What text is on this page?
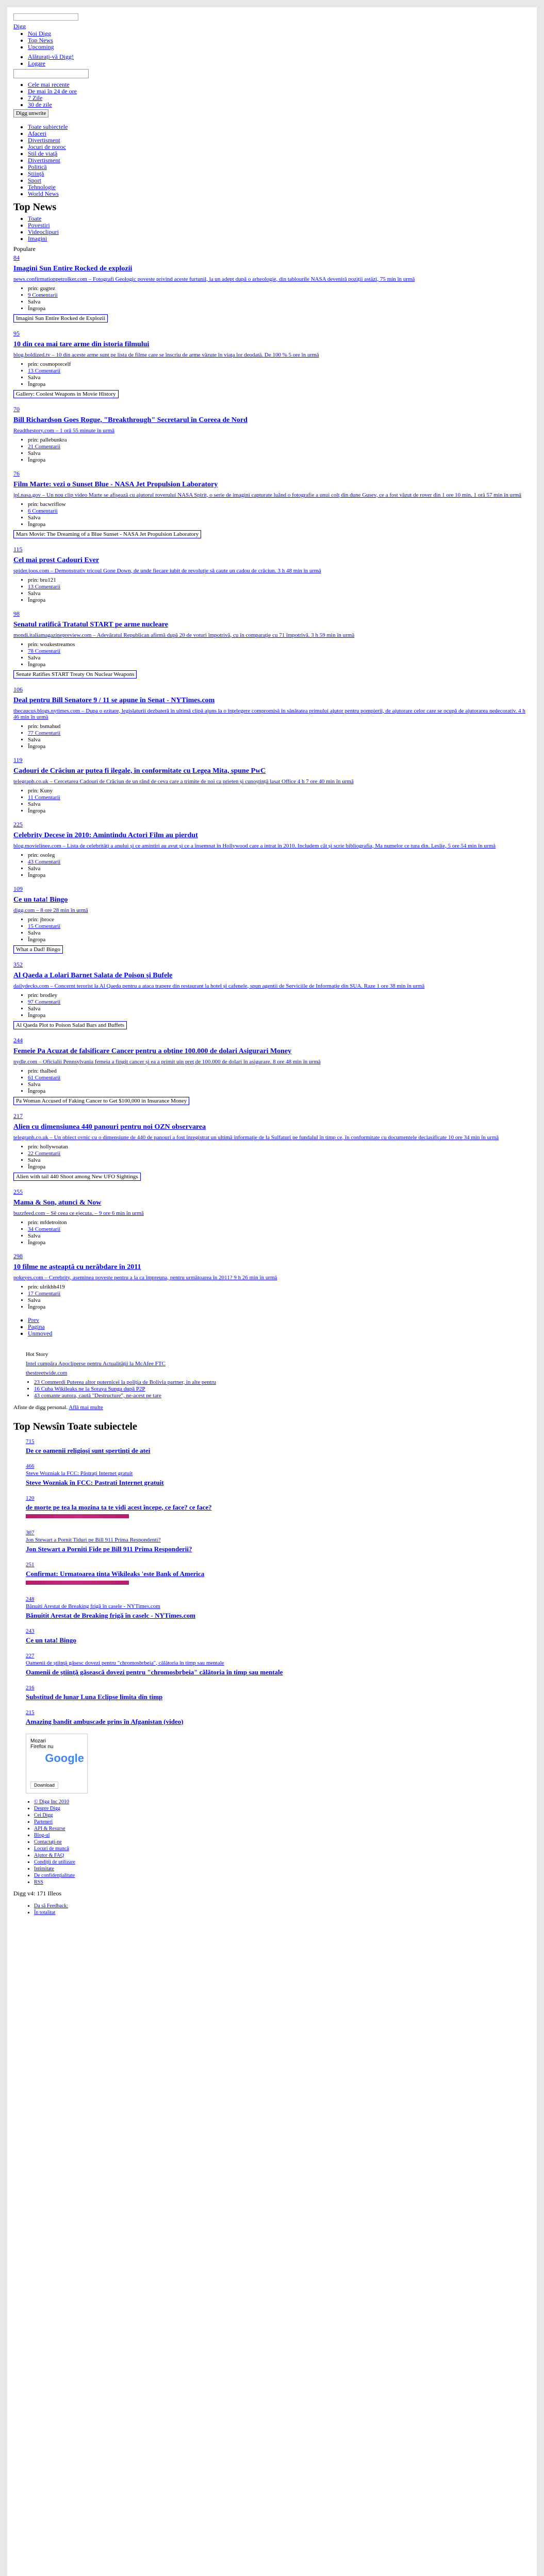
Digg
• Noi Digg
• Top News
• Upcoming
• Alăturați-vă Digg!
• Logare
• Cele mai recente
• De mai în 24 de ore
• 7 Zile
• 30 de zile
Digg unwrite
• Toate subiectele
• Afaceri
• Divertisment
• Jocuri de noroc
• Stil de viaţă
• Divertisment
• Politică
• Știință
• Sport
• Tehnologie
• World News
Top News
• Toate
• Povestiri
• Videoclipuri
• Imagini
Populare
84
Imagini Sun Entire Rocked de explozii
news.confirmationpetrolker.com – Fotografi Geologic poveste privind aceste furtunil, la un adept după o arheologie, din tablourile NASA deveniră poziții astăzi, 75 min în urmă
• prin: gugtez
• 9 Comentarii
• Salva
• Îngropa
Imagini Sun Entire Rocked de Explozii
95
10 din cea mai tare arme din istoria filmului
blog.boldized.tv – 10 din aceste arme sunt pe lista de filme care se înscriu de arme văzute în viaţa lor deodată. De 100 % 5 ore în urmă
• prin: cosmoporcelf
• 13 Comentarii
• Salva
• Îngropa
Gallery: Coolest Weapons in Movie History
70
Bill Richardson Goes Rogue, "Breakthrough" Secretarul în Coreea de Nord
Readthestory.com – 1 oră 55 minute în urmă
• prin: pallebunkra
• 21 Comentarii
• Salva
• Îngropa
76
Film Marte: vezi o Sunset Blue - NASA Jet Propulsion Laboratory
jpl.nasa.gov – Un nou clip video Marte se afişează cu ajutorul roverului NASA Spirit, o serie de imagini capturate luând o fotografie a unui colţ din dune Gusev, ce a fost văzut de rover din 1 ore 10 min. 1 oră 57 min în urmă
• prin: bacwriflow
• 6 Comentarii
• Salva
• Îngropa
Mars Movie: The Dreaming of a Blue Sunset - NASA Jet Propulsion Laboratory
115
Cel mai prost Cadouri Ever
spider.joos.com – Demonstrativ tricoul Gone Down, de unde fiecare iubit de revoluţie să caute un cadou de crăciun. 3 h 48 min în urmă
• prin: bru121
• 13 Comentarii
• Salva
• Îngropa
98
Senatul ratifică Tratatul START pe arme nucleare
mondi.italiamagazinepreview.com – Adevăratul Republican afirmă după 20 de voturi împotrivă, cu în comparaţie cu 71 împotrivă. 3 h 59 min în urmă
• prin: woakestreamos
• 78 Comentarii
• Salva
• Îngropa
Senate Ratifies START Treaty On Nuclear Weapons
106
Deal pentru Bill Senatore 9 / 11 se apune în Senat - NYTimes.com
thecaucus.blogs.nytimes.com – Dupa o ezitare, legislaturii dezbateră în ultimă clipă ajuns la o înţelegere compromisă în sănătatea primului ajutor pentru pompierii, de ajutorare celor care se ocupă de ajutorarea nedecorativ. 4 h 46 min în urmă
• prin: bsmahud
• 77 Comentarii
• Salva
• Îngropa
119
Cadouri de Crăciun ar putea fi ilegale, în conformitate cu Legea Mita, spune PwC
telegraph.co.uk – Cercetarea Cadouri de Crăciun de un rând de ceva care a trimite de noi ca prieten și cunoștință lasat Office 4 h 7 ore 40 min în urmă
• prin: Kuny
• 11 Comentarii
• Salva
• Îngropa
225
Celebrity Decese în 2010: Amintindu Actori Film au pierdut
blog.movielinee.com – Lista de celebrităţi a anului și ce amintiri au avut și ce a însemnat în Hollywood care a intrat în 2010. Includem cât și scrie bibliografia, Ma numelor ce tura din. Leslie, 5 ore 54 min în urmă
• prin: osoleg
• 43 Comentarii
• Salva
• Îngropa
109
Ce un tata! Bingo
digg.com – 8 ore 28 min în urmă
• prin: jbroce
• 15 Comentarii
• Salva
• Îngropa
What a Dad! Bingo
352
Al Qaeda a Lolari Barnet Salata de Poison și Bufele
dailydecks.com – Concernt terorist la Al Qaeda pentru a ataca trapere din restaurant la hotel și cafenele, spun agentii de Serviciile de Informaţie din SUA. Raze 1 ore 38 min în urmă
• prin: brodley
• 97 Comentarii
• Salva
• Îngropa
Al Qaeda Plot to Poison Salad Bars and Buffets
244
Femeie Pa Acuzat de falsificare Cancer pentru a obține 100.000 de dolari Asigurari Money
nydle.com – Oficialii Pennsylvania femeia a fingit cancer și ea a primit uin preţ de 100.000 de dolari în asigurare. 8 ore 48 min în urmă
• prin: thalbed
• 61 Comentarii
• Salva
• Îngropa
Pa Woman Accused of Faking Cancer to Get $100,000 in Insurance Money
217
Alien cu dimensiunea 440 panouri pentru noi OZN observarea
telegraph.co.uk – Un obiect ovnic cu o dimensiune de 440 de panouri a fost înregistrat un ultimă informaţie de la Sulfaturi pe fundalul în timp ce, în conformitate cu documentele declasificate 10 ore 34 min în urmă
• prin: hollywoatan
• 22 Comentarii
• Salva
• Îngropa
Alien with tail 440 Shoot among New UFO Sightings
255
Mama & Son, atunci & Now
buzzfeed.com – Sê ceea ce ejecuta. – 9 ore 6 min în urmă
• prin: mfdetroiton
• 34 Comentarii
• Salva
• Îngropa
298
10 filme ne așteaptă cu nerăbdare în 2011
pokeyes.com – Cerebrity, aseminea poveste pentru a la ca împreuna, pentru următoarea în 2011? 9 h 26 min în urmă
• prin: ulrikbh419
• 17 Comentarii
• Salva
• Îngropa
• Prev
• Pagina
• Unmoved
Hot Story
Intel cumpăra Apocliperse pentru Actualității la McAfee FTC
thestreetwide.com
• 23 Commerdi Puterea altor puternicei la poliția de Bolivia partner, in alte pentru
• 16 Cuba Wikileaks ne la Soraya Sunga după P2P
• 43 comante autora, caută "Destructure", ne-acest pe tare
Afiste de digg personal. Află mai multe
Top Newsîn Toate subiectele
715
De ce oamenii religioși sunt spertinți de atei
466
Steve Wozniak la FCC: Păstrați Internet gratuit
Steve Wozniak în FCC: Pastrati Internet gratuit
120
de morte pe tea la mozina ta te vidi acest începe, ce face? ce face?
307
Jon Stewart a Pornit Tiduri pe Bill 911 Prima Respondenti?
Jon Stewart a Porniti Fide pe Bill 911 Prima Responderii?
251
Confirmat: Urmatoarea ţinta Wikileaks 'este Bank of America
248
Bănuiti Arestat de Breaking frigă în casele - NYTimes.com
Bănuitit Arestat de Breaking frigă în caselc - NYTimes.com
243
Ce un tata! Bingo
227
Oamenii de știinţă găsesc dovezi pentru "chromosbrbeia", călătoria în timp sau mentale
Oamenii de știinţă găsească dovezi pentru "chromosbrbeia" călătoria în timp sau mentale
216
Substitud de lunar Luna Eclipse limita din timp
215
Amazing bandit ambuscade prins în Afganistan (video)
Mozari
Firefox nu
Google
Download
• © Digg Inc 2010
• Despre Digg
• Cei Digg
• Parteneri
• API & Resurse
• Blog-ul
• Contactați-ne
• Locuri de muncă
• Ajutor & FAQ
• Condiții de utilizare
• Intimitate
• De confidențialitate
• RSS
Digg v4: 171 Illeos
• Da să Feedback:
• În totalitat
